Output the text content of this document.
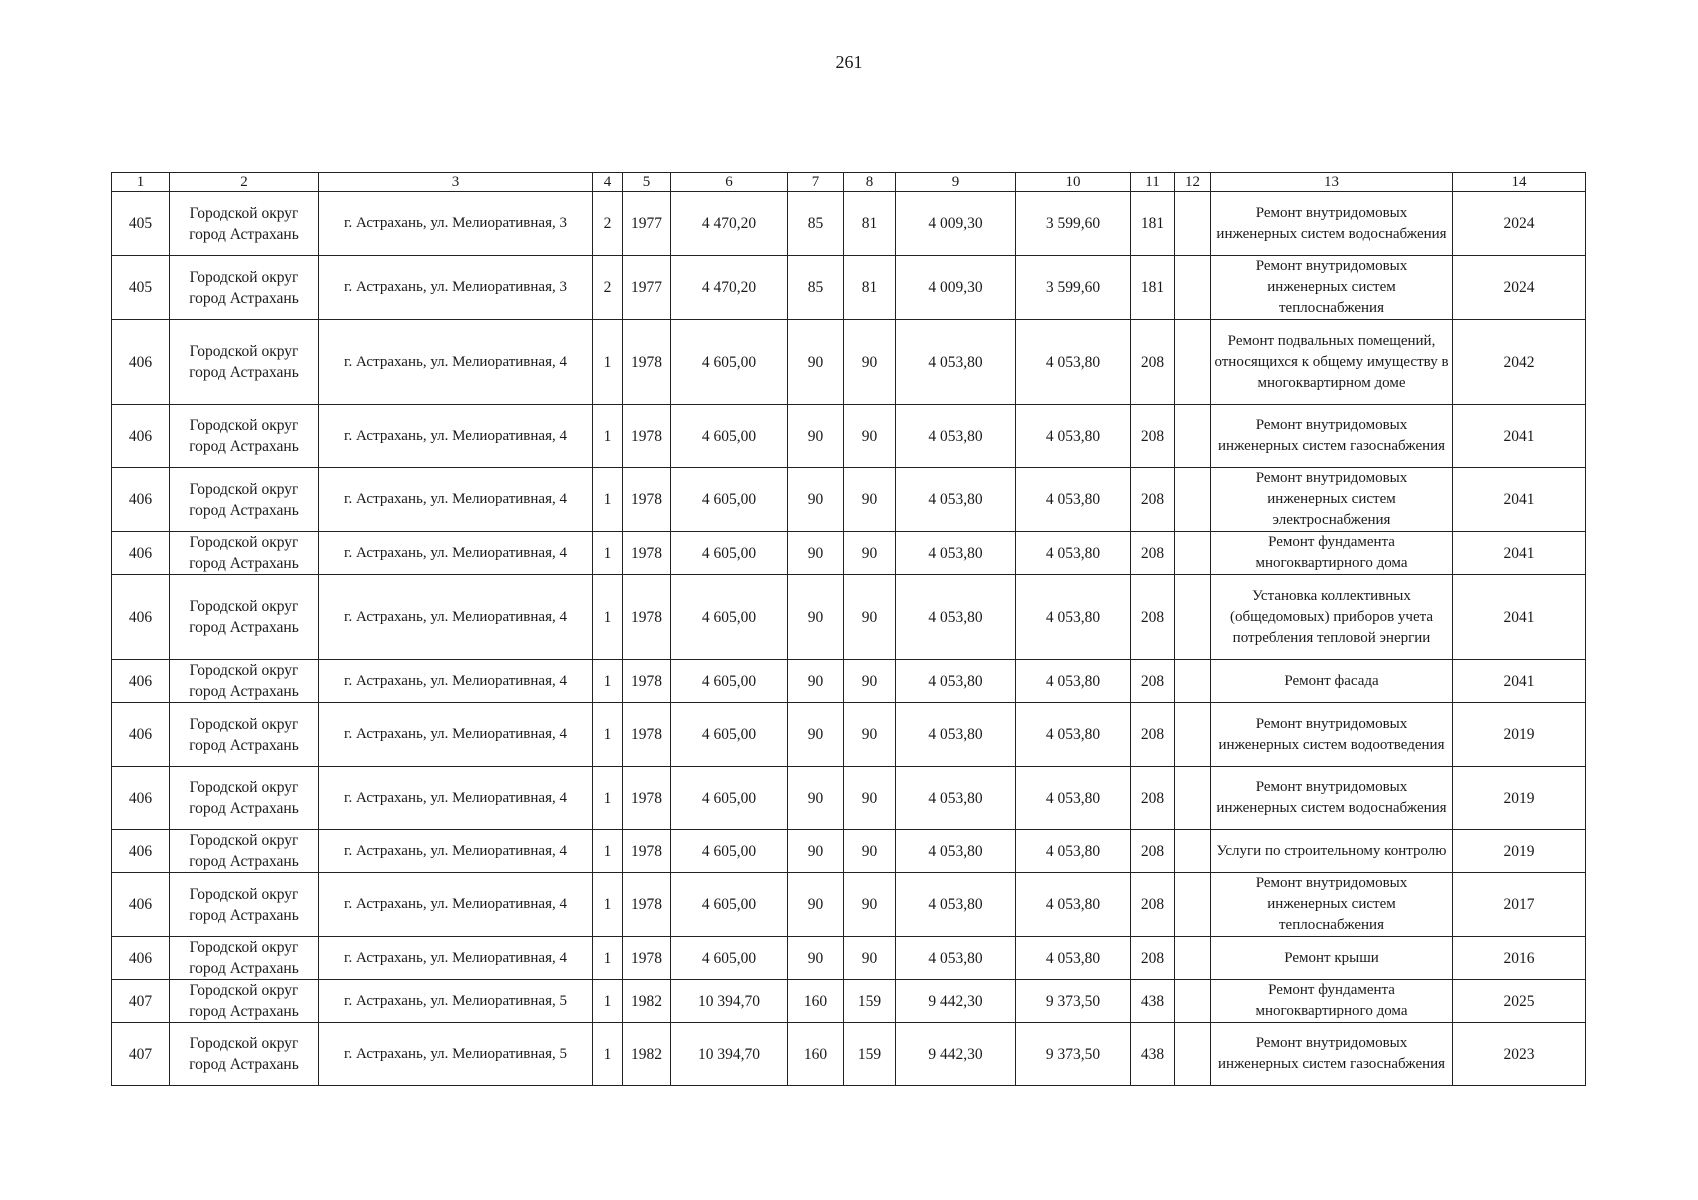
261
1	2	3	4	5	6	7	8	9	10	11	12	13	14
405	Городской округ город Астрахань	г. Астрахань, ул. Мелиоративная, 3	2	1977	4 470,20	85	81	4 009,30	3 599,60	181		Ремонт внутридомовых инженерных систем водоснабжения	2024
405	Городской округ город Астрахань	г. Астрахань, ул. Мелиоративная, 3	2	1977	4 470,20	85	81	4 009,30	3 599,60	181		Ремонт внутридомовых инженерных систем теплоснабжения	2024
406	Городской округ город Астрахань	г. Астрахань, ул. Мелиоративная, 4	1	1978	4 605,00	90	90	4 053,80	4 053,80	208		Ремонт подвальных помещений, относящихся к общему имуществу в многоквартирном доме	2042
406	Городской округ город Астрахань	г. Астрахань, ул. Мелиоративная, 4	1	1978	4 605,00	90	90	4 053,80	4 053,80	208		Ремонт внутридомовых инженерных систем газоснабжения	2041
406	Городской округ город Астрахань	г. Астрахань, ул. Мелиоративная, 4	1	1978	4 605,00	90	90	4 053,80	4 053,80	208		Ремонт внутридомовых инженерных систем электроснабжения	2041
406	Городской округ город Астрахань	г. Астрахань, ул. Мелиоративная, 4	1	1978	4 605,00	90	90	4 053,80	4 053,80	208		Ремонт фундамента многоквартирного дома	2041
406	Городской округ город Астрахань	г. Астрахань, ул. Мелиоративная, 4	1	1978	4 605,00	90	90	4 053,80	4 053,80	208		Установка коллективных (общедомовых) приборов учета потребления тепловой энергии	2041
406	Городской округ город Астрахань	г. Астрахань, ул. Мелиоративная, 4	1	1978	4 605,00	90	90	4 053,80	4 053,80	208		Ремонт фасада	2041
406	Городской округ город Астрахань	г. Астрахань, ул. Мелиоративная, 4	1	1978	4 605,00	90	90	4 053,80	4 053,80	208		Ремонт внутридомовых инженерных систем водоотведения	2019
406	Городской округ город Астрахань	г. Астрахань, ул. Мелиоративная, 4	1	1978	4 605,00	90	90	4 053,80	4 053,80	208		Ремонт внутридомовых инженерных систем водоснабжения	2019
406	Городской округ город Астрахань	г. Астрахань, ул. Мелиоративная, 4	1	1978	4 605,00	90	90	4 053,80	4 053,80	208		Услуги по строительному контролю	2019
406	Городской округ город Астрахань	г. Астрахань, ул. Мелиоративная, 4	1	1978	4 605,00	90	90	4 053,80	4 053,80	208		Ремонт внутридомовых инженерных систем теплоснабжения	2017
406	Городской округ город Астрахань	г. Астрахань, ул. Мелиоративная, 4	1	1978	4 605,00	90	90	4 053,80	4 053,80	208		Ремонт крыши	2016
407	Городской округ город Астрахань	г. Астрахань, ул. Мелиоративная, 5	1	1982	10 394,70	160	159	9 442,30	9 373,50	438		Ремонт фундамента многоквартирного дома	2025
407	Городской округ город Астрахань	г. Астрахань, ул. Мелиоративная, 5	1	1982	10 394,70	160	159	9 442,30	9 373,50	438		Ремонт внутридомовых инженерных систем газоснабжения	2023
